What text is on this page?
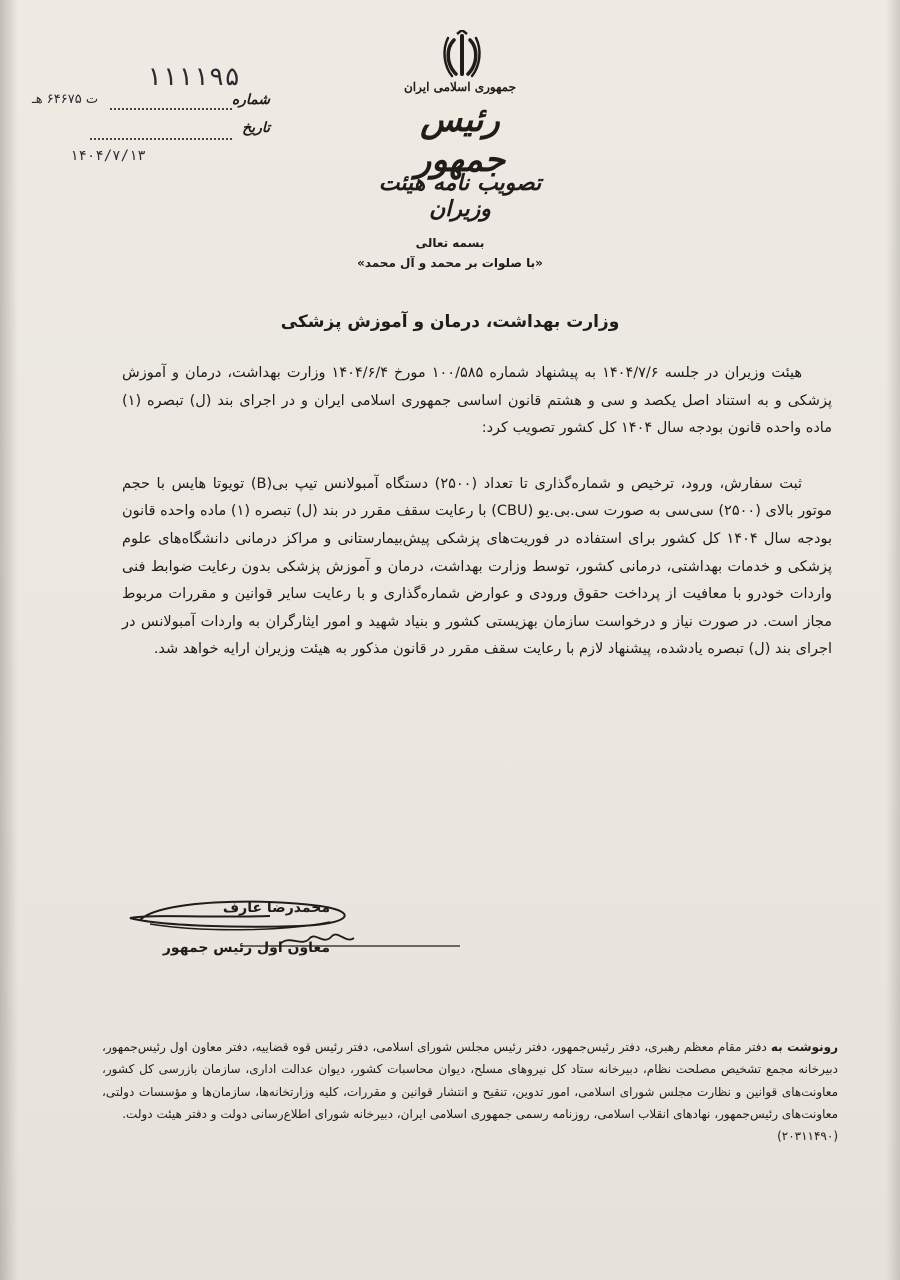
جمهوری اسلامی ایران
رئیس جمهور
تصویب نامه هیئت وزیران
۱۱۱۱۹۵
ت ۶۴۶۷۵ هـ	شماره
تاریخ
۱۴۰۴/۷/۱۳
بسمه تعالی
«با صلوات بر محمد و آل محمد»
وزارت بهداشت، درمان و آموزش پزشکی

هیئت وزیران در جلسه ۱۴۰۴/۷/۶ به پیشنهاد شماره ۱۰۰/۵۸۵ مورخ ۱۴۰۴/۶/۴ وزارت بهداشت، درمان و آموزش پزشکی و به استناد اصل یکصد و سی و هشتم قانون اساسی جمهوری اسلامی ایران و در اجرای بند (ل) تبصره (۱) ماده واحده قانون بودجه سال ۱۴۰۴ کل کشور تصویب کرد:

ثبت سفارش، ورود، ترخیص و شماره‌گذاری تا تعداد (۲۵۰۰) دستگاه آمبولانس تیپ بی(B) تویوتا هایس با حجم موتور بالای (۲۵۰۰) سی‌سی به صورت سی.بی.یو (CBU) با رعایت سقف مقرر در بند (ل) تبصره (۱) ماده واحده قانون بودجه سال ۱۴۰۴ کل کشور برای استفاده در فوریت‌های پزشکی پیش‌بیمارستانی و مراکز درمانی دانشگاه‌های علوم پزشکی و خدمات بهداشتی، درمانی کشور، توسط وزارت بهداشت، درمان و آموزش پزشکی بدون رعایت ضوابط فنی واردات خودرو با معافیت از پرداخت حقوق ورودی و عوارض شماره‌گذاری و با رعایت سایر قوانین و مقررات مربوط مجاز است. در صورت نیاز و درخواست سازمان بهزیستی کشور و بنیاد شهید و امور ایثارگران به واردات آمبولانس در اجرای بند (ل) تبصره یادشده، پیشنهاد لازم با رعایت سقف مقرر در قانون مذکور به هیئت وزیران ارایه خواهد شد.

محمدرضا عارف
معاون اول رئیس جمهور
رونوشت به دفتر مقام معظم رهبری، دفتر رئیس‌جمهور، دفتر رئیس مجلس شورای اسلامی، دفتر رئیس قوه قضاییه، دفتر معاون اول رئیس‌جمهور، دبیرخانه مجمع تشخیص مصلحت نظام، دبیرخانه ستاد کل نیروهای مسلح، دیوان محاسبات کشور، دیوان عدالت اداری، سازمان بازرسی کل کشور، معاونت‌های قوانین و نظارت مجلس شورای اسلامی، امور تدوین، تنقیح و انتشار قوانین و مقررات، کلیه وزارتخانه‌ها، سازمان‌ها و مؤسسات دولتی، معاونت‌های رئیس‌جمهور، نهادهای انقلاب اسلامی، روزنامه رسمی جمهوری اسلامی ایران، دبیرخانه شورای اطلاع‌رسانی دولت و دفتر هیئت دولت.
(۲۰۳۱۱۴۹۰)
